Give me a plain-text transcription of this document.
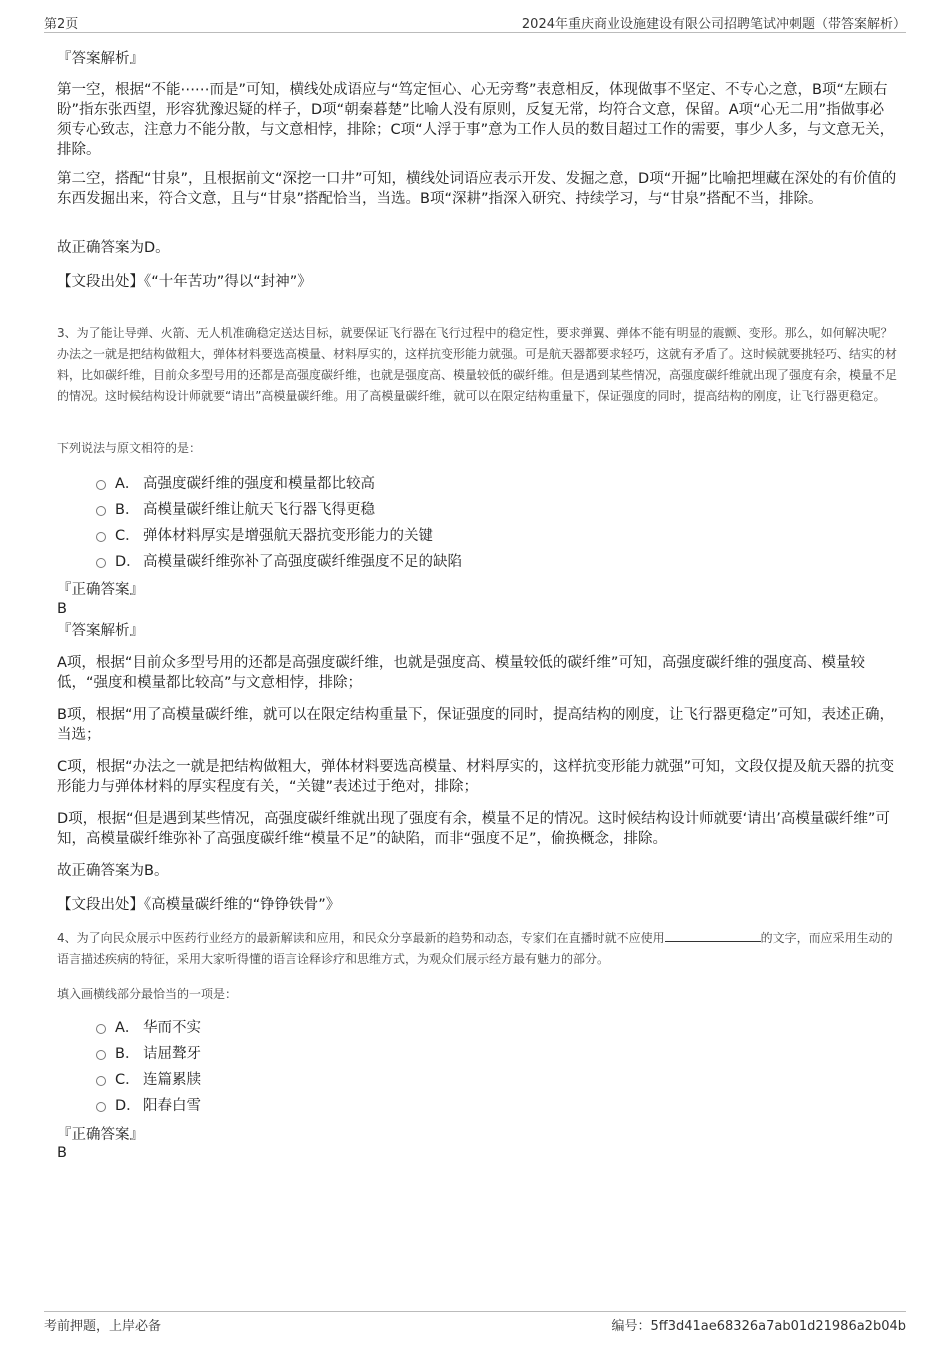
第2页	2024年重庆商业设施建设有限公司招聘笔试冲刺题（带答案解析）
『答案解析』

第一空，根据“不能⋯⋯而是”可知，横线处成语应与“笃定恒心、心无旁骛”表意相反，体现做事不坚定、不专心之意，B项“左顾右盼”指东张西望，形容犹豫迟疑的样子，D项“朝秦暮楚”比喻人没有原则，反复无常，均符合文意，保留。A项“心无二用”指做事必须专心致志，注意力不能分散，与文意相悖，排除；C项“人浮于事”意为工作人员的数目超过工作的需要，事少人多，与文意无关，排除。

第二空，搭配“甘泉”，且根据前文“深挖一口井”可知，横线处词语应表示开发、发掘之意，D项“开掘”比喻把埋藏在深处的有价值的东西发掘出来，符合文意，且与“甘泉”搭配恰当，当选。B项“深耕”指深入研究、持续学习，与“甘泉”搭配不当，排除。

故正确答案为D。
【文段出处】《“十年苦功”得以“封神”》

3、为了能让导弹、火箭、无人机准确稳定送达目标，就要保证飞行器在飞行过程中的稳定性，要求弹翼、弹体不能有明显的震颤、变形。那么，如何解决呢？办法之一就是把结构做粗大，弹体材料要选高模量、材料厚实的，这样抗变形能力就强。可是航天器都要求轻巧，这就有矛盾了。这时候就要挑轻巧、结实的材料，比如碳纤维，目前众多型号用的还都是高强度碳纤维，也就是强度高、模量较低的碳纤维。但是遇到某些情况，高强度碳纤维就出现了强度有余，模量不足的情况。这时候结构设计师就要“请出”高模量碳纤维。用了高模量碳纤维，就可以在限定结构重量下，保证强度的同时，提高结构的刚度，让飞行器更稳定。

下列说法与原文相符的是：
A． 高强度碳纤维的强度和模量都比较高
B． 高模量碳纤维让航天飞行器飞得更稳
C． 弹体材料厚实是增强航天器抗变形能力的关键
D． 高模量碳纤维弥补了高强度碳纤维强度不足的缺陷
『正确答案』
B
『答案解析』

A项，根据“目前众多型号用的还都是高强度碳纤维，也就是强度高、模量较低的碳纤维”可知，高强度碳纤维的强度高、模量较低，“强度和模量都比较高”与文意相悖，排除；

B项，根据“用了高模量碳纤维，就可以在限定结构重量下，保证强度的同时，提高结构的刚度，让飞行器更稳定”可知，表述正确，当选；

C项，根据“办法之一就是把结构做粗大，弹体材料要选高模量、材料厚实的，这样抗变形能力就强”可知，文段仅提及航天器的抗变形能力与弹体材料的厚实程度有关，“关键”表述过于绝对，排除；

D项，根据“但是遇到某些情况，高强度碳纤维就出现了强度有余，模量不足的情况。这时候结构设计师就要‘请出’高模量碳纤维”可知，高模量碳纤维弥补了高强度碳纤维“模量不足”的缺陷，而非“强度不足”，偷换概念，排除。

故正确答案为B。
【文段出处】《高模量碳纤维的“铮铮铁骨”》

4、为了向民众展示中医药行业经方的最新解读和应用，和民众分享最新的趋势和动态，专家们在直播时就不应使用	的文字，而应采用生动的语言描述疾病的特征，采用大家听得懂的语言诠释诊疗和思维方式，为观众们展示经方最有魅力的部分。

填入画横线部分最恰当的一项是：
A． 华而不实
B． 诘屈聱牙
C． 连篇累牍
D． 阳春白雪
『正确答案』
B
考前押题，上岸必备	编号：5ff3d41ae68326a7ab01d21986a2b04b
